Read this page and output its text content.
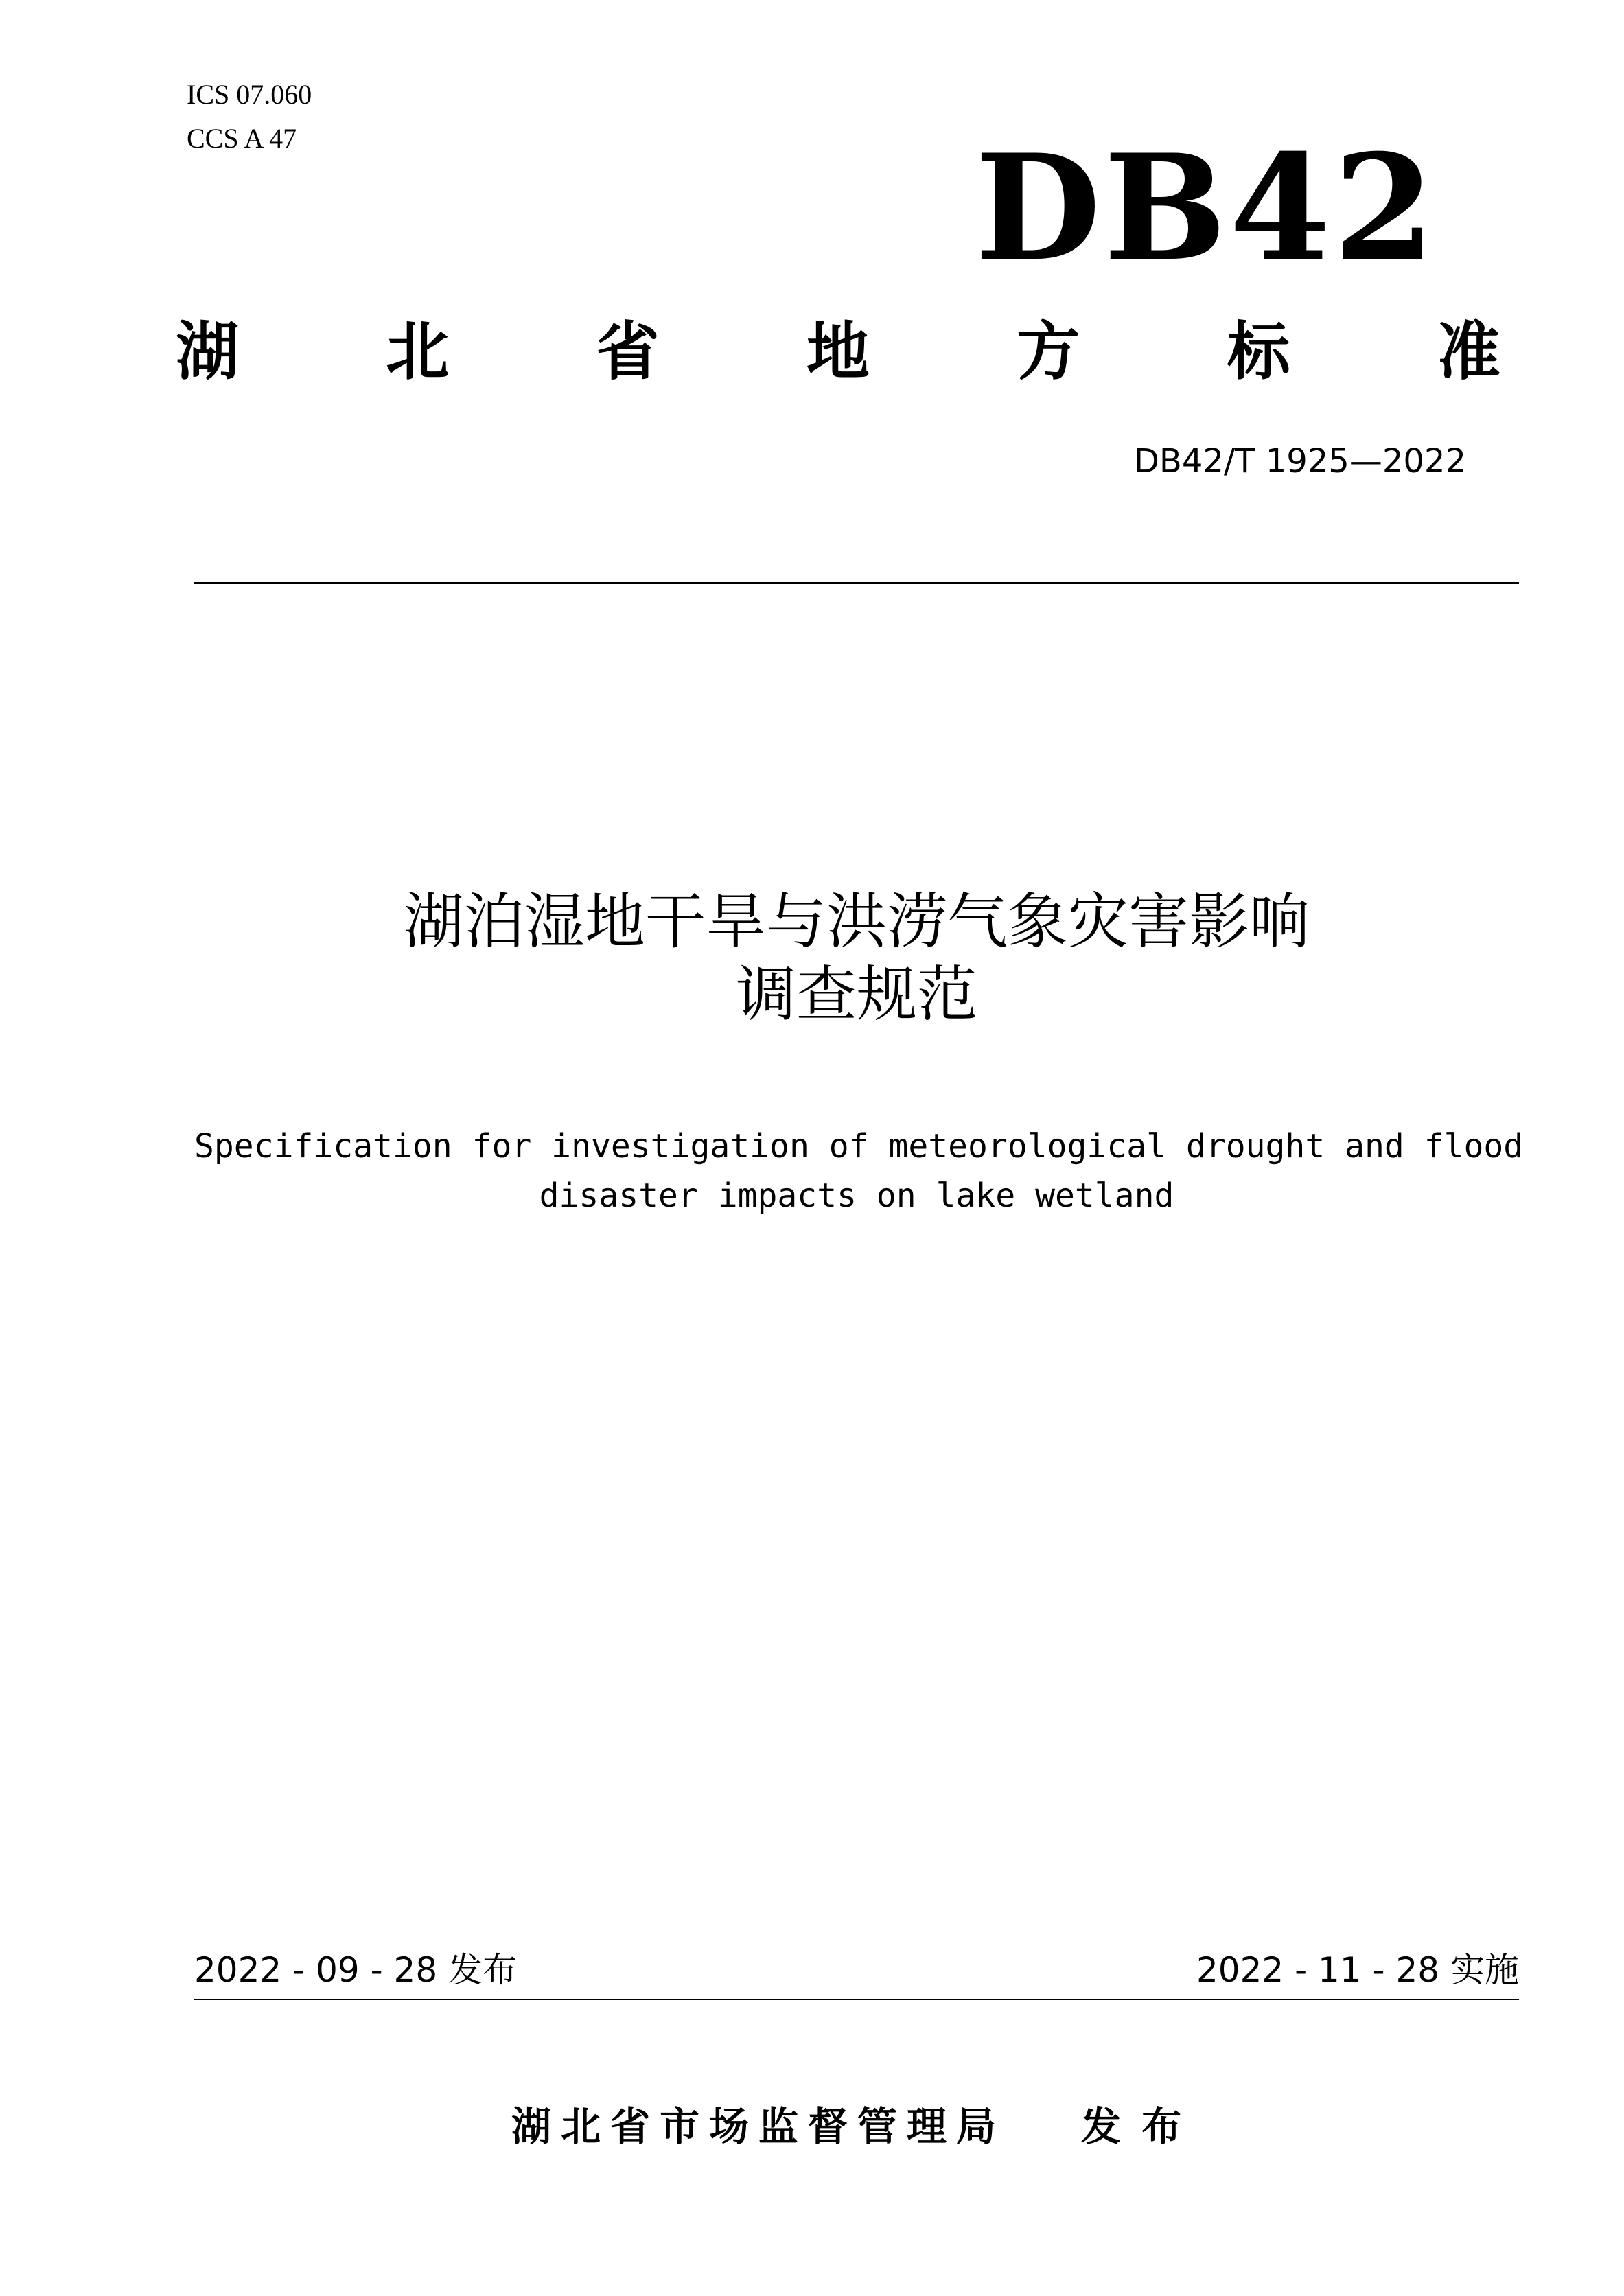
ICS 07.060
CCS A 47	DB42
湖 北 省 地 方 标 准
DB42/T 1925—2022
湖泊湿地干旱与洪涝气象灾害影响
调查规范
Specification for investigation of meteorological drought and flood
disaster impacts on lake wetland
2022 - 09 - 28 发布	2022 - 11 - 28 实施
湖北省市场监督管理局 发布
